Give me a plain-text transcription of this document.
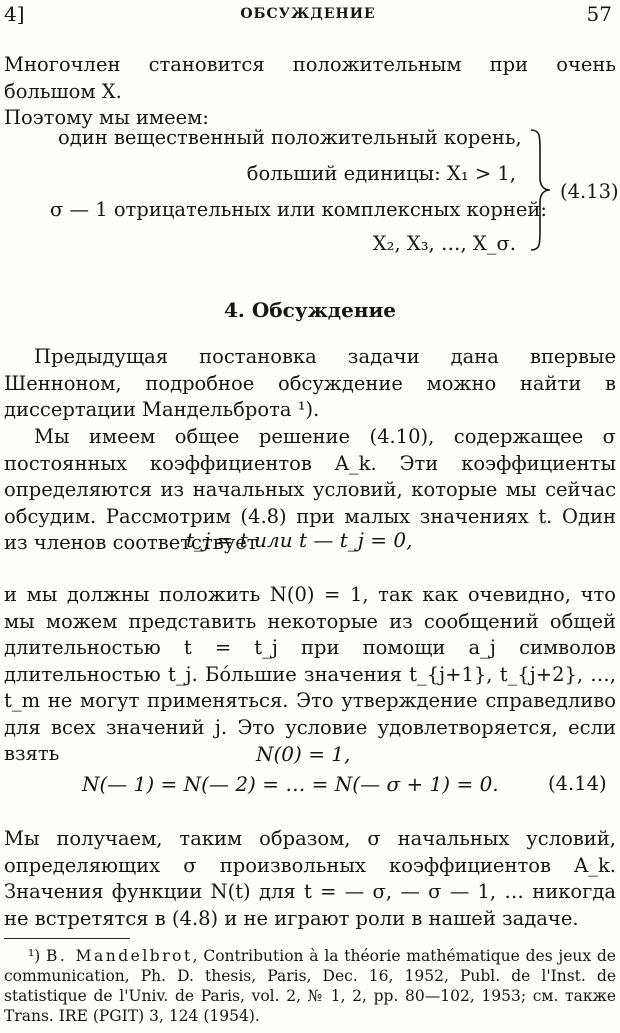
4]	ОБСУЖДЕНИЕ	57

Многочлен становится положительным при очень большом X.

Поэтому мы имеем:

один вещественный положительный корень,
больший единицы: X₁ > 1,
σ — 1 отрицательных или комплексных корней:
X₂, X₃, …, X_σ.
(4.13)
4. Обсуждение

Предыдущая постановка задачи дана впервые Шенноном, подробное обсуждение можно найти в диссертации Мандельброта ¹).

Мы имеем общее решение (4.10), содержащее σ постоянных коэффициентов A_k. Эти коэффициенты определяются из начальных условий, которые мы сейчас обсудим. Рассмотрим (4.8) при малых значениях t. Один из членов соответствует

t_j = t или t — t_j = 0,

и мы должны положить N(0) = 1, так как очевидно, что мы можем представить некоторые из сообщений общей длительностью t = t_j при помощи a_j символов длительностью t_j. Бóльшие значения t_{j+1}, t_{j+2}, …, t_m не могут применяться. Это утверждение справедливо для всех значений j. Это условие удовлетворяется, если взять	N(0) = 1,
N(— 1) = N(— 2) = … = N(— σ + 1) = 0.	(4.14)

Мы получаем, таким образом, σ начальных условий, определяющих σ произвольных коэффициентов A_k. Значения функции N(t) для t = — σ, — σ — 1, … никогда не встретятся в (4.8) и не играют роли в нашей задаче.

¹) B. Mandelbrot, Contribution à la théorie mathématique des jeux de communication, Ph. D. thesis, Paris, Dec. 16, 1952, Publ. de l'Inst. de statistique de l'Univ. de Paris, vol. 2, № 1, 2, pp. 80—102, 1953; см. также Trans. IRE (PGIT) 3, 124 (1954).
